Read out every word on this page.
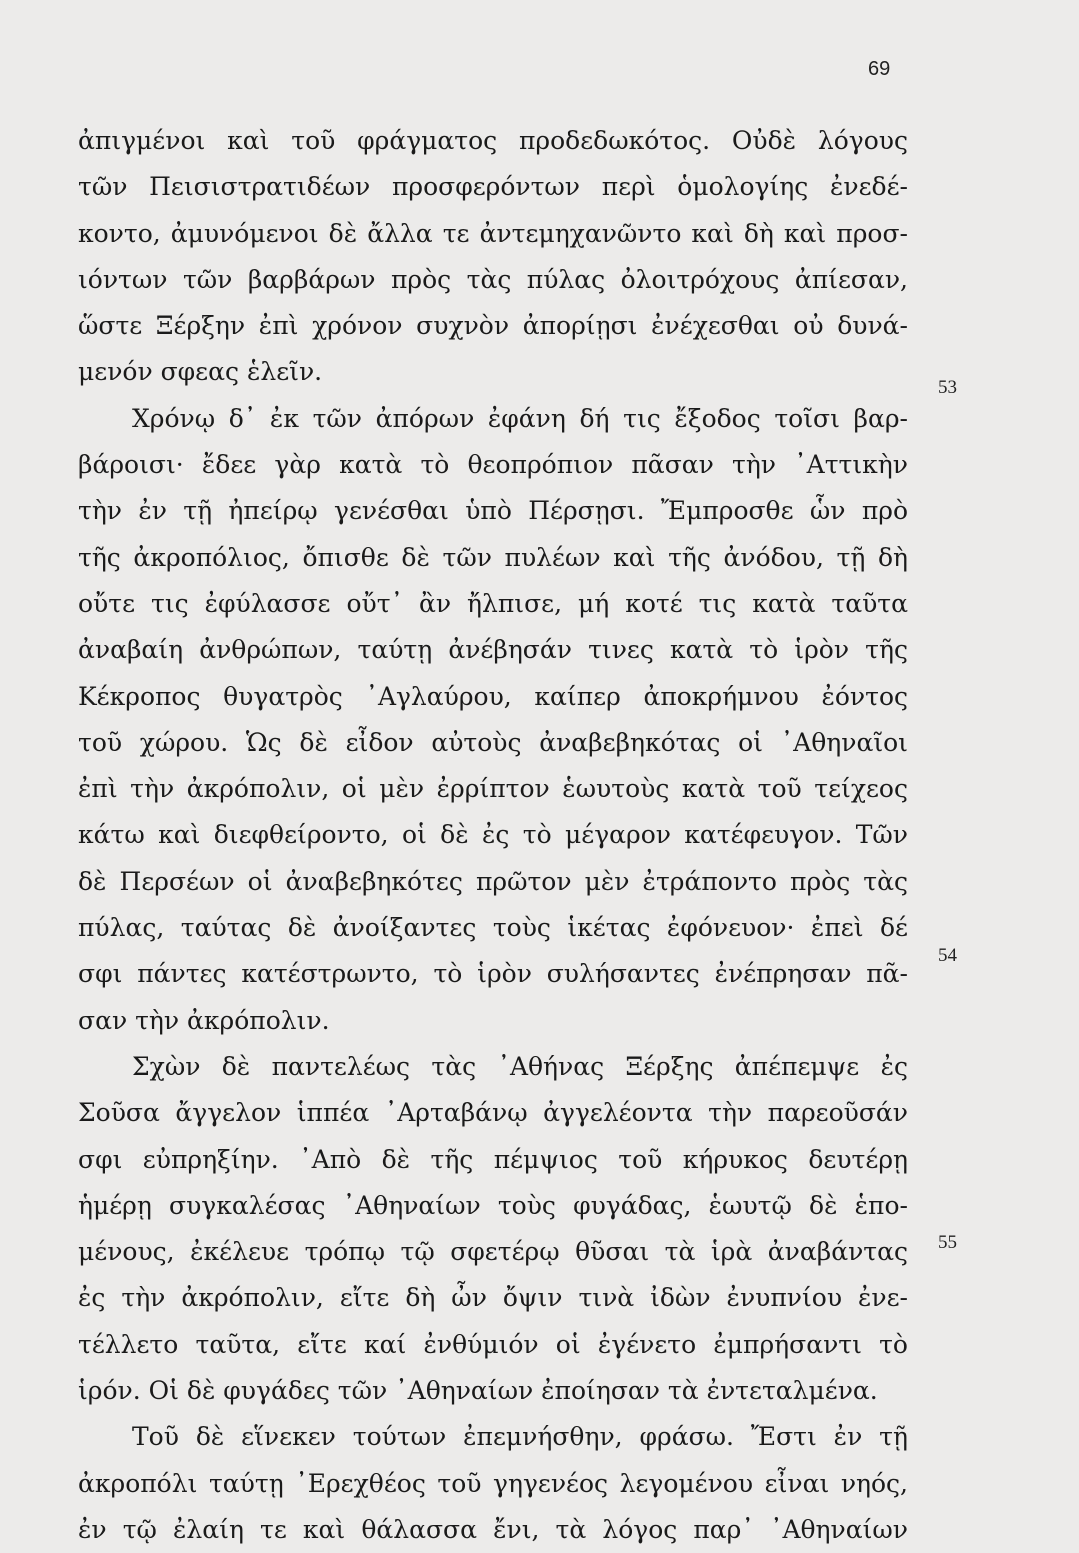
69
53
54
55
ἀπιγμένοι καὶ τοῦ φράγματος προδεδωκότος. Οὐδὲ λόγους
τῶν Πεισιστρατιδέων προσφερόντων περὶ ὁμολογίης ἐνεδέ-
κοντο, ἀμυνόμενοι δὲ ἄλλα τε ἀντεμηχανῶντο καὶ δὴ καὶ προσ-
ιόντων τῶν βαρβάρων πρὸς τὰς πύλας ὀλοιτρόχους ἀπίεσαν,
ὥστε Ξέρξην ἐπὶ χρόνον συχνὸν ἀπορίῃσι ἐνέχεσθαι οὐ δυνά-
μενόν σφεας ἑλεῖν.
Χρόνῳ δ᾽ ἐκ τῶν ἀπόρων ἐφάνη δή τις ἔξοδος τοῖσι βαρ-
βάροισι· ἔδεε γὰρ κατὰ τὸ θεοπρόπιον πᾶσαν τὴν ᾿Αττικὴν
τὴν ἐν τῇ ἠπείρῳ γενέσθαι ὑπὸ Πέρσῃσι. Ἔμπροσθε ὧν πρὸ
τῆς ἀκροπόλιος, ὄπισθε δὲ τῶν πυλέων καὶ τῆς ἀνόδου, τῇ δὴ
οὔτε τις ἐφύλασσε οὔτ᾽ ἂν ἤλπισε, μή κοτέ τις κατὰ ταῦτα
ἀναβαίη ἀνθρώπων, ταύτῃ ἀνέβησάν τινες κατὰ τὸ ἱρὸν τῆς
Κέκροπος θυγατρὸς ᾿Αγλαύρου, καίπερ ἀποκρήμνου ἐόντος
τοῦ χώρου. Ὡς δὲ εἶδον αὐτοὺς ἀναβεβηκότας οἱ ᾿Αθηναῖοι
ἐπὶ τὴν ἀκρόπολιν, οἱ μὲν ἐρρίπτον ἑωυτοὺς κατὰ τοῦ τείχεος
κάτω καὶ διεφθείροντο, οἱ δὲ ἐς τὸ μέγαρον κατέφευγον. Τῶν
δὲ Περσέων οἱ ἀναβεβηκότες πρῶτον μὲν ἐτράποντο πρὸς τὰς
πύλας, ταύτας δὲ ἀνοίξαντες τοὺς ἱκέτας ἐφόνευον· ἐπεὶ δέ
σφι πάντες κατέστρωντο, τὸ ἱρὸν συλήσαντες ἐνέπρησαν πᾶ-
σαν τὴν ἀκρόπολιν.
Σχὼν δὲ παντελέως τὰς ᾿Αθήνας Ξέρξης ἀπέπεμψε ἐς
Σοῦσα ἄγγελον ἱππέα ᾿Αρταβάνῳ ἀγγελέοντα τὴν παρεοῦσάν
σφι εὐπρηξίην. ᾿Απὸ δὲ τῆς πέμψιος τοῦ κήρυκος δευτέρῃ
ἡμέρῃ συγκαλέσας ᾿Αθηναίων τοὺς φυγάδας, ἑωυτῷ δὲ ἑπο-
μένους, ἐκέλευε τρόπῳ τῷ σφετέρῳ θῦσαι τὰ ἱρὰ ἀναβάντας
ἐς τὴν ἀκρόπολιν, εἴτε δὴ ὦν ὄψιν τινὰ ἰδὼν ἐνυπνίου ἐνε-
τέλλετο ταῦτα, εἴτε καί ἐνθύμιόν οἱ ἐγένετο ἐμπρήσαντι τὸ
ἱρόν. Οἱ δὲ φυγάδες τῶν ᾿Αθηναίων ἐποίησαν τὰ ἐντεταλμένα.
Τοῦ δὲ εἵνεκεν τούτων ἐπεμνήσθην, φράσω. Ἔστι ἐν τῇ
ἀκροπόλι ταύτῃ ᾿Ερεχθέος τοῦ γηγενέος λεγομένου εἶναι νηός,
ἐν τῷ ἐλαίη τε καὶ θάλασσα ἔνι, τὰ λόγος παρ᾽ ᾿Αθηναίων
